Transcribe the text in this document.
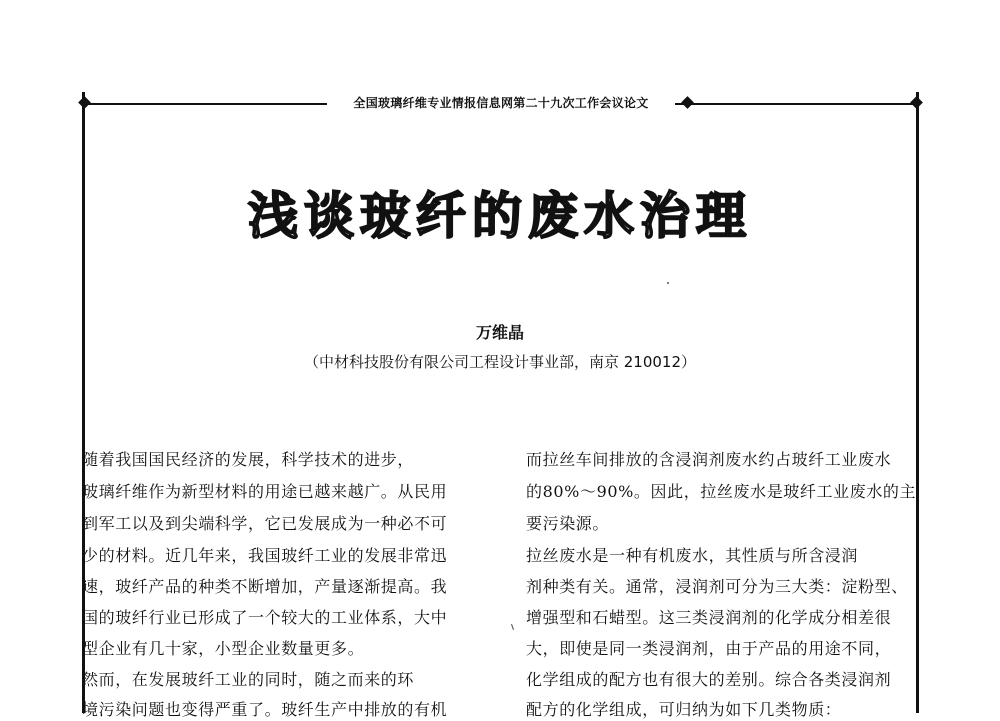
全国玻璃纤维专业情报信息网第二十九次工作会议论文
浅谈玻纤的废水治理
万维晶
（中材科技股份有限公司工程设计事业部，南京 210012）
随着我国国民经济的发展，科学技术的进步，
玻璃纤维作为新型材料的用途已越来越广。从民用
到军工以及到尖端科学，它已发展成为一种必不可
少的材料。近几年来，我国玻纤工业的发展非常迅
速，玻纤产品的种类不断增加，产量逐渐提高。我
国的玻纤行业已形成了一个较大的工业体系，大中
型企业有几十家，小型企业数量更多。
然而，在发展玻纤工业的同时，随之而来的环
境污染问题也变得严重了。玻纤生产中排放的有机
而拉丝车间排放的含浸润剂废水约占玻纤工业废水
的80%～90%。因此，拉丝废水是玻纤工业废水的主
要污染源。
拉丝废水是一种有机废水，其性质与所含浸润
剂种类有关。通常，浸润剂可分为三大类：淀粉型、
增强型和石蜡型。这三类浸润剂的化学成分相差很
大，即使是同一类浸润剂，由于产品的用途不同，
化学组成的配方也有很大的差别。综合各类浸润剂
配方的化学组成，可归纳为如下几类物质：
